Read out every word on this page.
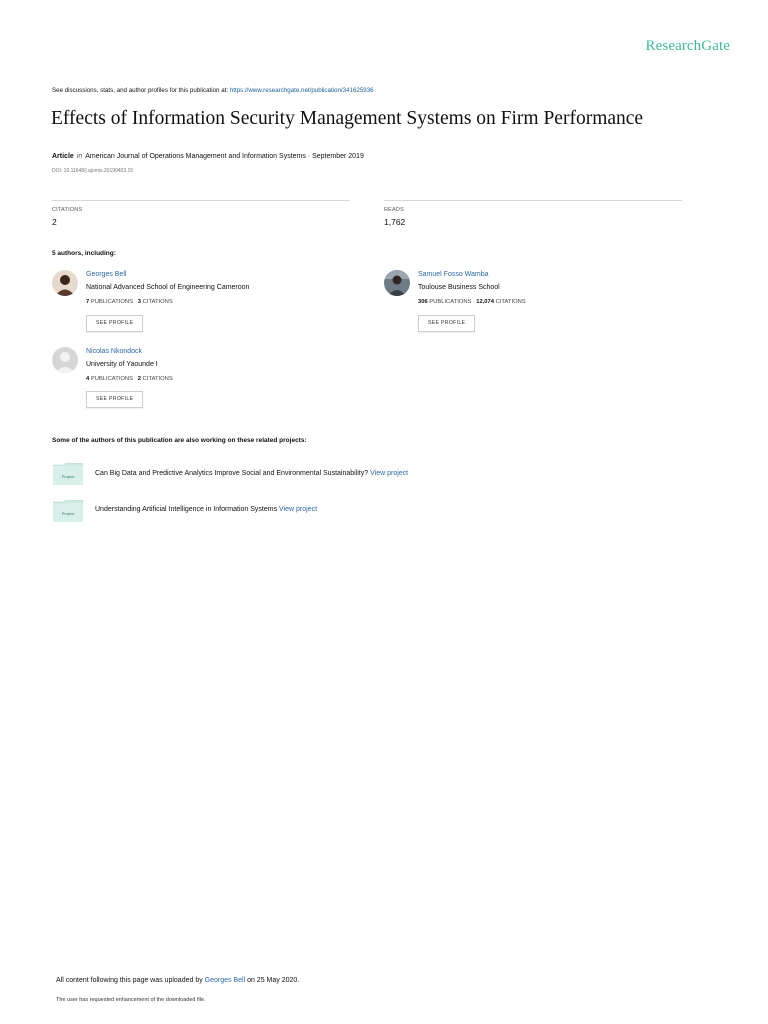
ResearchGate
See discussions, stats, and author profiles for this publication at: https://www.researchgate.net/publication/341625936
Effects of Information Security Management Systems on Firm Performance
Article in American Journal of Operations Management and Information Systems · September 2019
DOI: 10.11648/j.ajomis.20190403.15
CITATIONS
2
READS
1,762
5 authors, including:
Georges Bell
National Advanced School of Engineering Cameroon
7 PUBLICATIONS 3 CITATIONS
SEE PROFILE
Samuel Fosso Wamba
Toulouse Business School
306 PUBLICATIONS 12,074 CITATIONS
SEE PROFILE
Nicolas Nkondock
University of Yaounde I
4 PUBLICATIONS 2 CITATIONS
SEE PROFILE
Some of the authors of this publication are also working on these related projects:
Project	Can Big Data and Predictive Analytics Improve Social and Environmental Sustainability? View project
Project
Understanding Artificial Intelligence in Information Systems View project
All content following this page was uploaded by Georges Bell on 25 May 2020.
The user has requested enhancement of the downloaded file.
